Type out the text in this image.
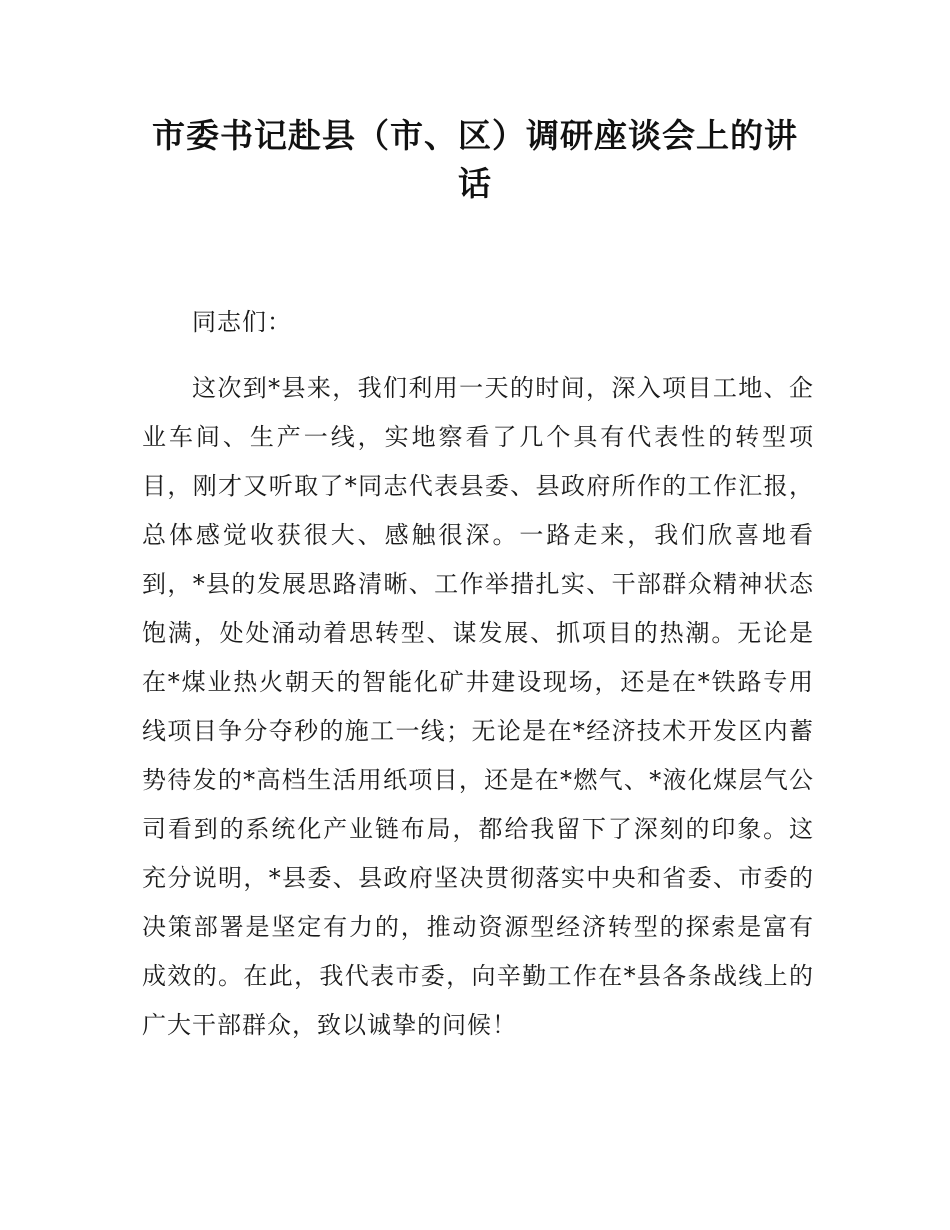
市委书记赴县（市、区）调研座谈会上的讲话

同志们：

这次到*县来，我们利用一天的时间，深入项目工地、企业车间、生产一线，实地察看了几个具有代表性的转型项目，刚才又听取了*同志代表县委、县政府所作的工作汇报，总体感觉收获很大、感触很深。一路走来，我们欣喜地看到，*县的发展思路清晰、工作举措扎实、干部群众精神状态饱满，处处涌动着思转型、谋发展、抓项目的热潮。无论是在*煤业热火朝天的智能化矿井建设现场，还是在*铁路专用线项目争分夺秒的施工一线；无论是在*经济技术开发区内蓄势待发的*高档生活用纸项目，还是在*燃气、*液化煤层气公司看到的系统化产业链布局，都给我留下了深刻的印象。这充分说明，*县委、县政府坚决贯彻落实中央和省委、市委的决策部署是坚定有力的，推动资源型经济转型的探索是富有成效的。在此，我代表市委，向辛勤工作在*县各条战线上的广大干部群众，致以诚挚的问候！
